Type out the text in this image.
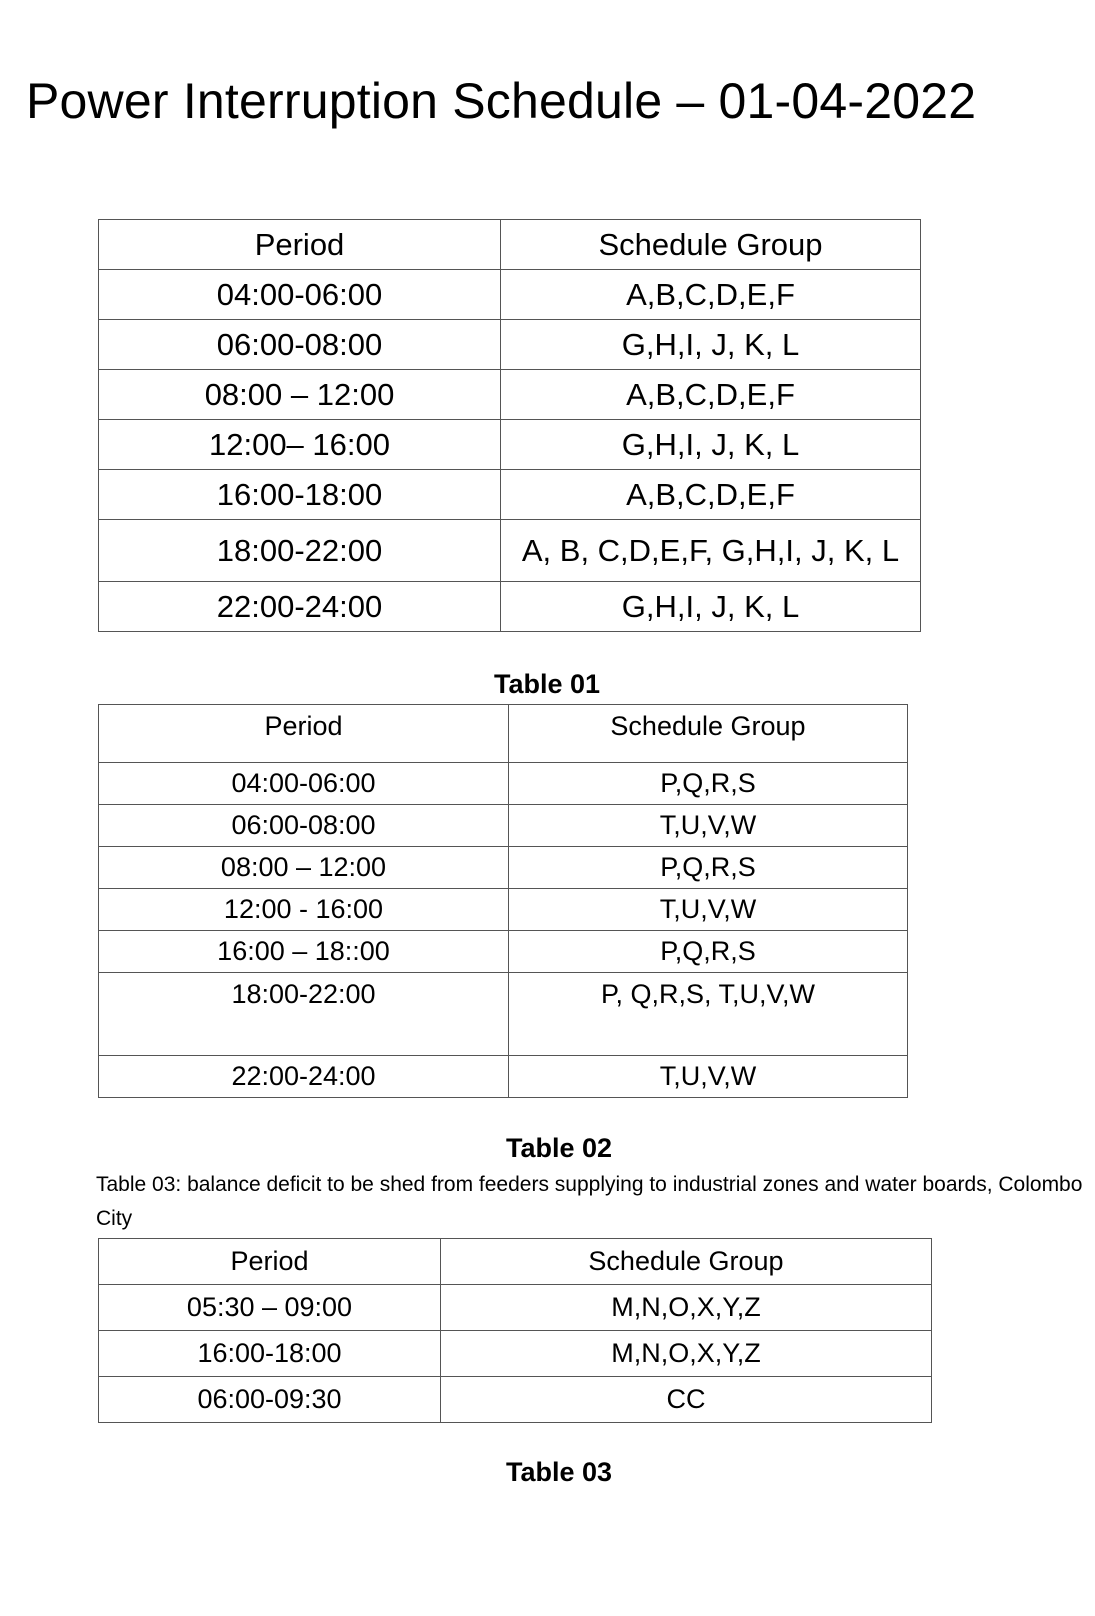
Power Interruption Schedule – 01-04-2022
Period	Schedule Group
04:00-06:00	A,B,C,D,E,F
06:00-08:00	G,H,I, J, K, L
08:00 – 12:00	A,B,C,D,E,F
12:00– 16:00	G,H,I, J, K, L
16:00-18:00	A,B,C,D,E,F
18:00-22:00	A, B, C,D,E,F, G,H,I, J, K, L
22:00-24:00	G,H,I, J, K, L
Table 01
Period	Schedule Group
04:00-06:00	P,Q,R,S
06:00-08:00	T,U,V,W
08:00 – 12:00	P,Q,R,S
12:00 - 16:00	T,U,V,W
16:00 – 18::00	P,Q,R,S
18:00-22:00	P, Q,R,S, T,U,V,W
22:00-24:00	T,U,V,W
Table 02
Table 03: balance deficit to be shed from feeders supplying to industrial zones and water boards, Colombo City
Period	Schedule Group
05:30 – 09:00	M,N,O,X,Y,Z
16:00-18:00	M,N,O,X,Y,Z
06:00-09:30	CC
Table 03
